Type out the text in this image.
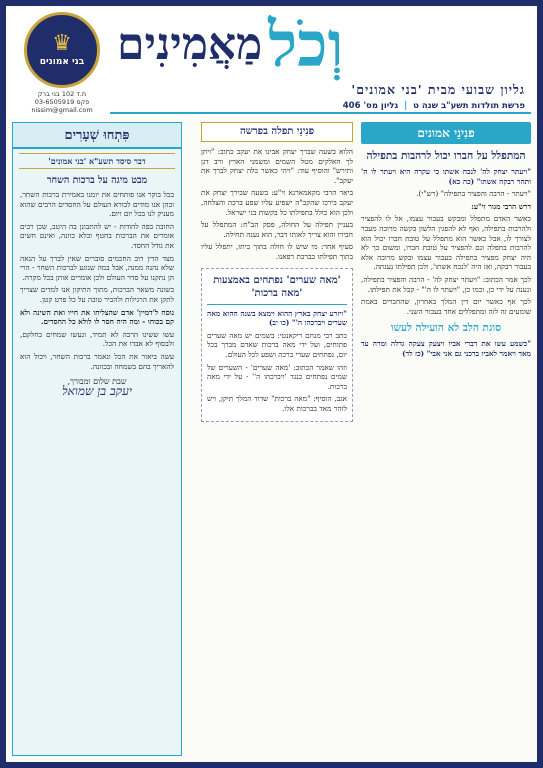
♛
בני אמונים
ת.ד 102 בני ברק
פקס 03-6505919
nissim@gmail.com
וְכֹל
מַאֲמִינִים
גליון שבועי מבית 'בני אמונים'
פרשת תולדות תשע"ב שנה ט  |  גליון מס' 406
פנִינֵי אמונים
המתפלל על חברו יכול לרהבות בתפילה

"ויעתר יצחק לה' לנכח אשתו כי עקרה היא ויעתר לו ה' ותהר רבקה אשתו" (כה כא)

"ויעתר - הרבה והפציר בתפילה" (רש"י).

דרש הרבי מגור זי"ע:

כאשר האדם מתפלל ומבקש בעבור עצמו, אל לו להפציר ולהרבות בתפילה, ואף לא להפגין הלשון בקשה מרובה מעבר לצורך לו, אבל כאשר הוא מתפלל על טובת חברו יכול הוא להרבות בתפלה וגם להפציר על טובת חברו, ומשום כך לא היה יצחק מפציר בתפילה בעבור עצמו ובקש מרובה אלא בעבור רבקה, ואז היה 'לנכח אשתו', ולכן תפילתו נענתה.

לכך אמר הכתוב: "ויעתר יצחק לה' - הרבה והפציר בתפילה, ונענה על ידי כן, וכמו כן, "ויעתר לו ה'" - קבל את תפילתו.

לכך אף כאשר יום דין המלך באחרון, שהחברים באמת שומעים זה לזה ומתפללים אחד בעבור השני.

סוגת הלב לא הועילה לעשו

"כשמע עשו את דברי אביו ויצעק צעקה גדלה ומרה עד מאד ויאמר לאביו ברכני גם אני אבי" (כז לד)

פנִינֵי תפלה בפרשה

הלוא בשעה שברך יצחק אבינו את יעקב כתוב: "ויתן לך האלקים מטל השמים ומשמני הארץ ורב דגן ותירש" והוסיף עוד: "ויהי כאשר כלה יצחק לברך את יעקב".

ביאר הרבי מקאמארנא זי"ע: בשעה שבירך יצחק את יעקב בירכו שהקב"ה ישפיע עליו שפע ברכה והצלחה, ולכן הוא כולל בתפילתו כל בקשות בני ישראל.

בעניין תפילה על החולה, פסק הב"ח: המתפלל על חבירו והוא צריך לאותו דבר, הוא נענה תחילה.

סעיף אחר: מי שיש לו חולה בתוך ביתו, יתפלל עליו בתוך תפילתו בברכת רפאנו.

'מאה שערים' נפתחים באמצעות 'מאה ברכות'

"ויזרע יצחק בארץ ההוא וימצא בשנה ההוא מאה שערים ויברכהו ה'" (כו יב)

כתב רבי מנחם ריקאנטי: בשמים יש מאה שערים פתוחים, ועל ידי מאה ברכות שאדם מברך בכל יום, נפתחים שערי ברכה ושפע לכל העולם.

וזהו שאמר הכתוב: 'מאה שערים' - השערים של שמים נפתחים כנגד 'ויברכהו ה'' - על ידי מאה ברכות.

אגב, הוסיף: "מאה ברכות" שדוד המלך תיקן, ויש לזהר מאד בברכות אלו.

פִּתְחוּ שְׁעָרִים
דבר סיסד תשע"א 'בני אמונים'
מבט מיגה על ברכות השחר

בכל בוקר אנו פותחים את יומנו באמירת ברכות השחר, ובהן אנו מודים לבורא העולם על החסדים הרבים שהוא מעניק לנו בכל יום ויום.

החובה בפה להודות - יש להתבונן בה היטב, שכן רבים אומרים את הברכות בחטף ובלא כוונה, ואינם חשים את גודל החסד.

מצד הדין רוב החכמים סוברים שאין לברך על הנאה שלא נהנה ממנה, אבל במה שנוגע לברכות השחר - הרי הן נתקנו על סדר העולם ולכן אומרים אותן בכל מקרה.

בשונה משאר הברכות, מתוך התיקון אנו למדים שצריך לתקן את הרגילות ולהכיר טובה על כל פרט קטן.

נוסח ל'דמיין' אדם שהצליחו את חייו ואת השינה ולא קם בכוחו - ומה היה חסר לו לולא כל החסדים.

עשו ששינו הרבה לא תמיד, ונעשו שמחים בחלקם, ולבסוף לא אבדו את הכל.

עשה ביאור את הכל ונאמר ברכות השחר, ויכול הוא להאריך בהם בשמחה ובכוונה.

שבת שלום ומבורך,
יעקב בן שמואל
